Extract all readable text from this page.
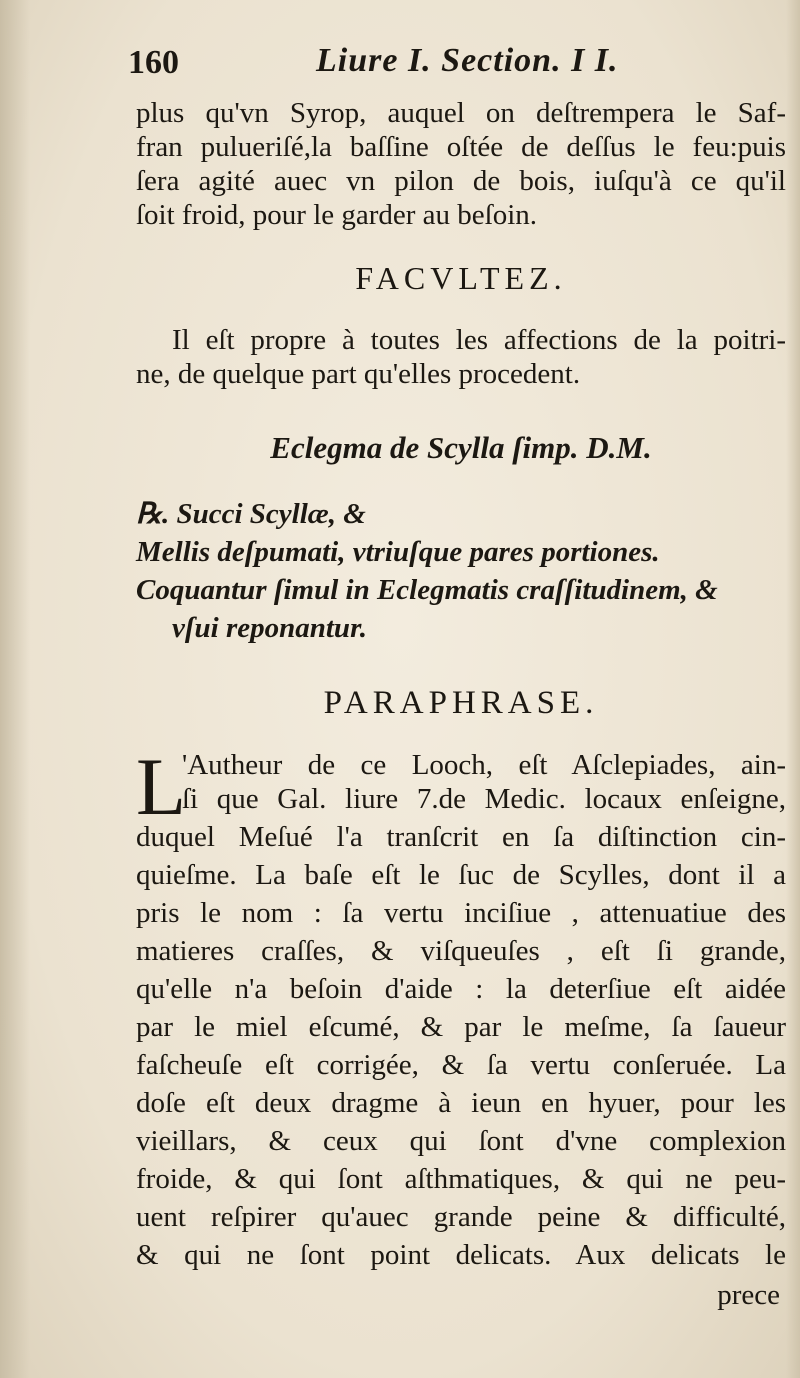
160	Liure I. Section. I I.
plus qu'vn Syrop, auquel on deſtrempera le Saf-
fran pulueriſé,la baſſine oſtée de deſſus le feu:puis
ſera agité auec vn pilon de bois, iuſqu'à ce qu'il
ſoit froid, pour le garder au beſoin.
FACVLTEZ.
Il eſt propre à toutes les affections de la poitri-
ne, de quelque part qu'elles procedent.
Eclegma de Scylla ſimp. D.M.
℞. Succi Scyllæ, &
Mellis deſpumati, vtriuſque pares portiones.
Coquantur ſimul in Eclegmatis craſſitudinem, &
vſui reponantur.
PARAPHRASE.
L
'Autheur de ce Looch, eſt Aſclepiades, ain-
ſi que Gal. liure 7.de Medic. locaux enſeigne,
duquel Meſué l'a tranſcrit en ſa diſtinction cin-
quieſme. La baſe eſt le ſuc de Scylles, dont il a
pris le nom : ſa vertu inciſiue , attenuatiue des
matieres craſſes, & viſqueuſes , eſt ſi grande,
qu'elle n'a beſoin d'aide : la deterſiue eſt aidée
par le miel eſcumé, & par le meſme, ſa ſaueur
faſcheuſe eſt corrigée, & ſa vertu conſeruée. La
doſe eſt deux dragme à ieun en hyuer, pour les
vieillars, & ceux qui ſont d'vne complexion
froide, & qui ſont aſthmatiques, & qui ne peu-
uent reſpirer qu'auec grande peine & difficulté,
& qui ne ſont point delicats. Aux delicats le
prece
